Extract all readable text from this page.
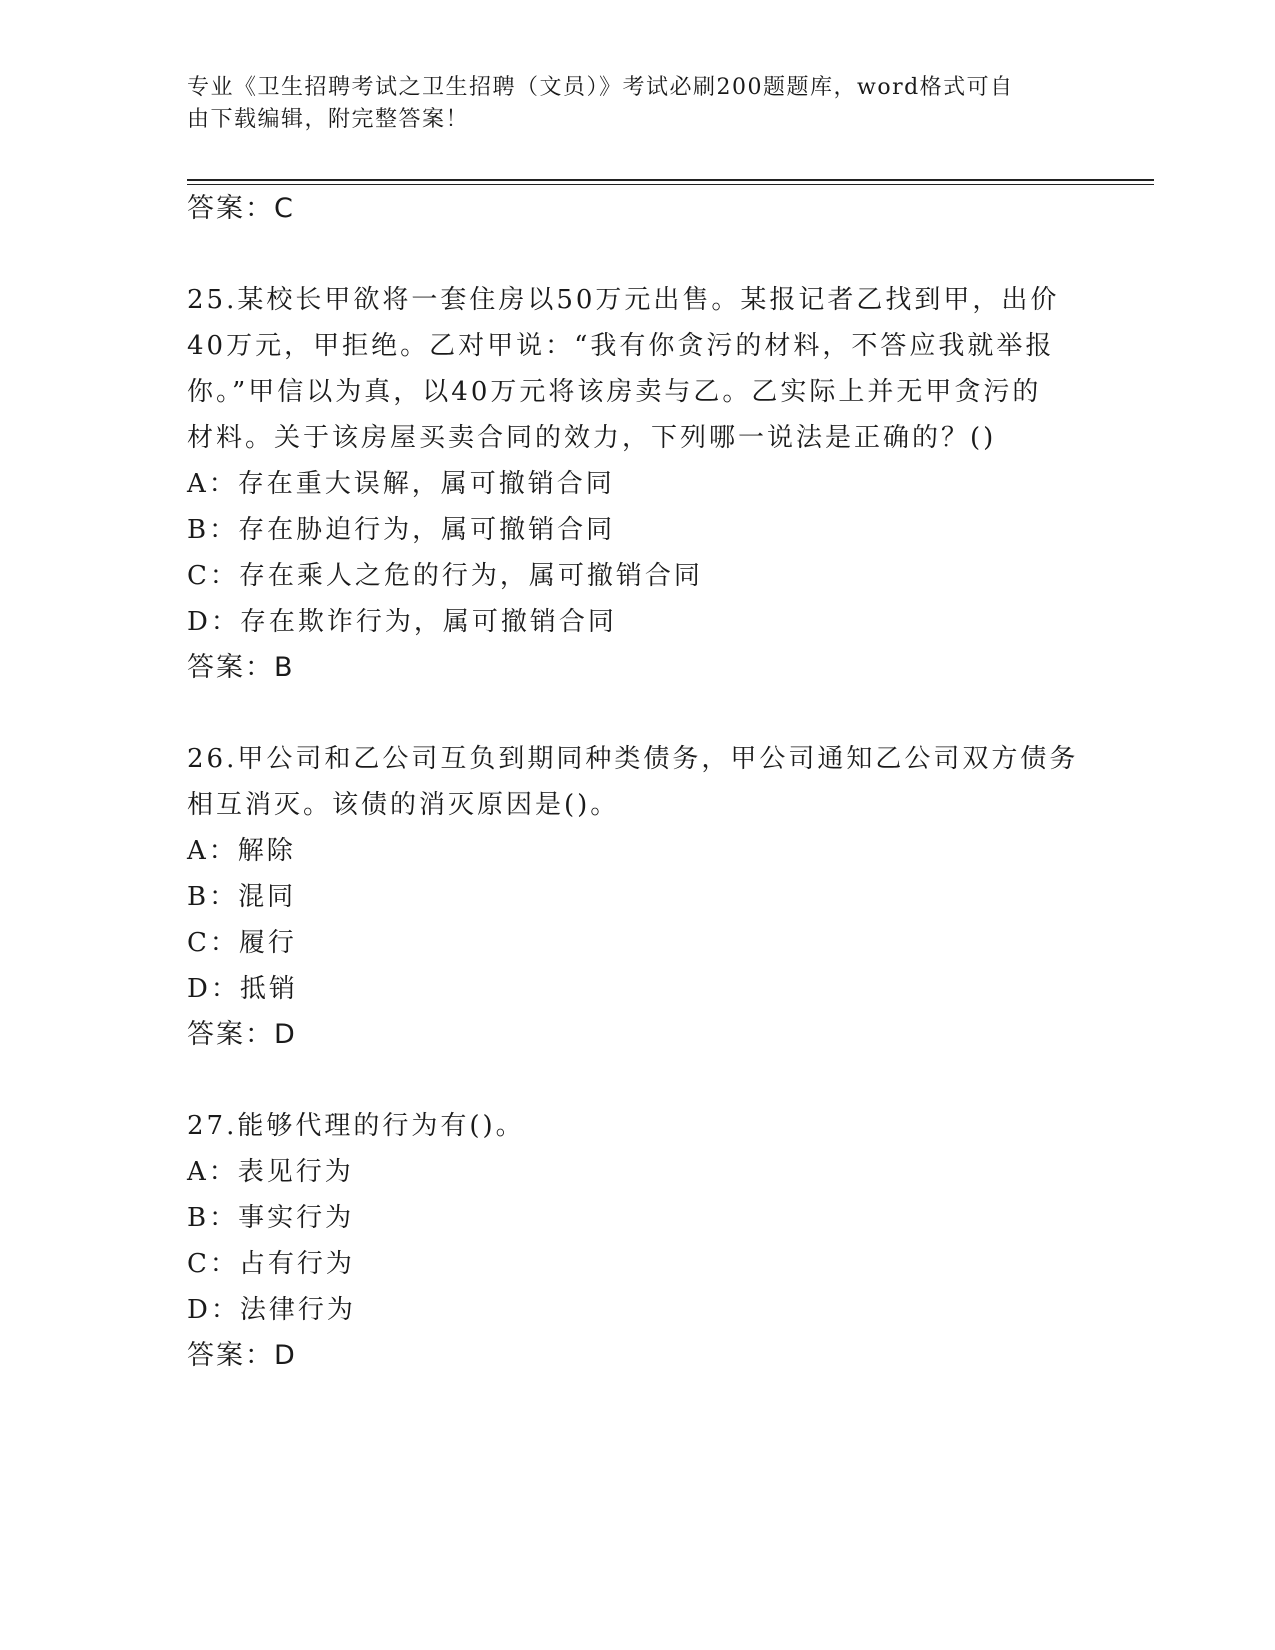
专业《卫生招聘考试之卫生招聘（文员）》考试必刷200题题库，word格式可自
由下载编辑，附完整答案！
答案：C
25.某校长甲欲将一套住房以50万元出售。某报记者乙找到甲，出价
40万元，甲拒绝。乙对甲说：“我有你贪污的材料，不答应我就举报
你。”甲信以为真，以40万元将该房卖与乙。乙实际上并无甲贪污的
材料。关于该房屋买卖合同的效力，下列哪一说法是正确的？()
A：存在重大误解，属可撤销合同
B：存在胁迫行为，属可撤销合同
C：存在乘人之危的行为，属可撤销合同
D：存在欺诈行为，属可撤销合同
答案：B
26.甲公司和乙公司互负到期同种类债务，甲公司通知乙公司双方债务
相互消灭。该债的消灭原因是()。
A：解除
B：混同
C：履行
D：抵销
答案：D
27.能够代理的行为有()。
A：表见行为
B：事实行为
C：占有行为
D：法律行为
答案：D
